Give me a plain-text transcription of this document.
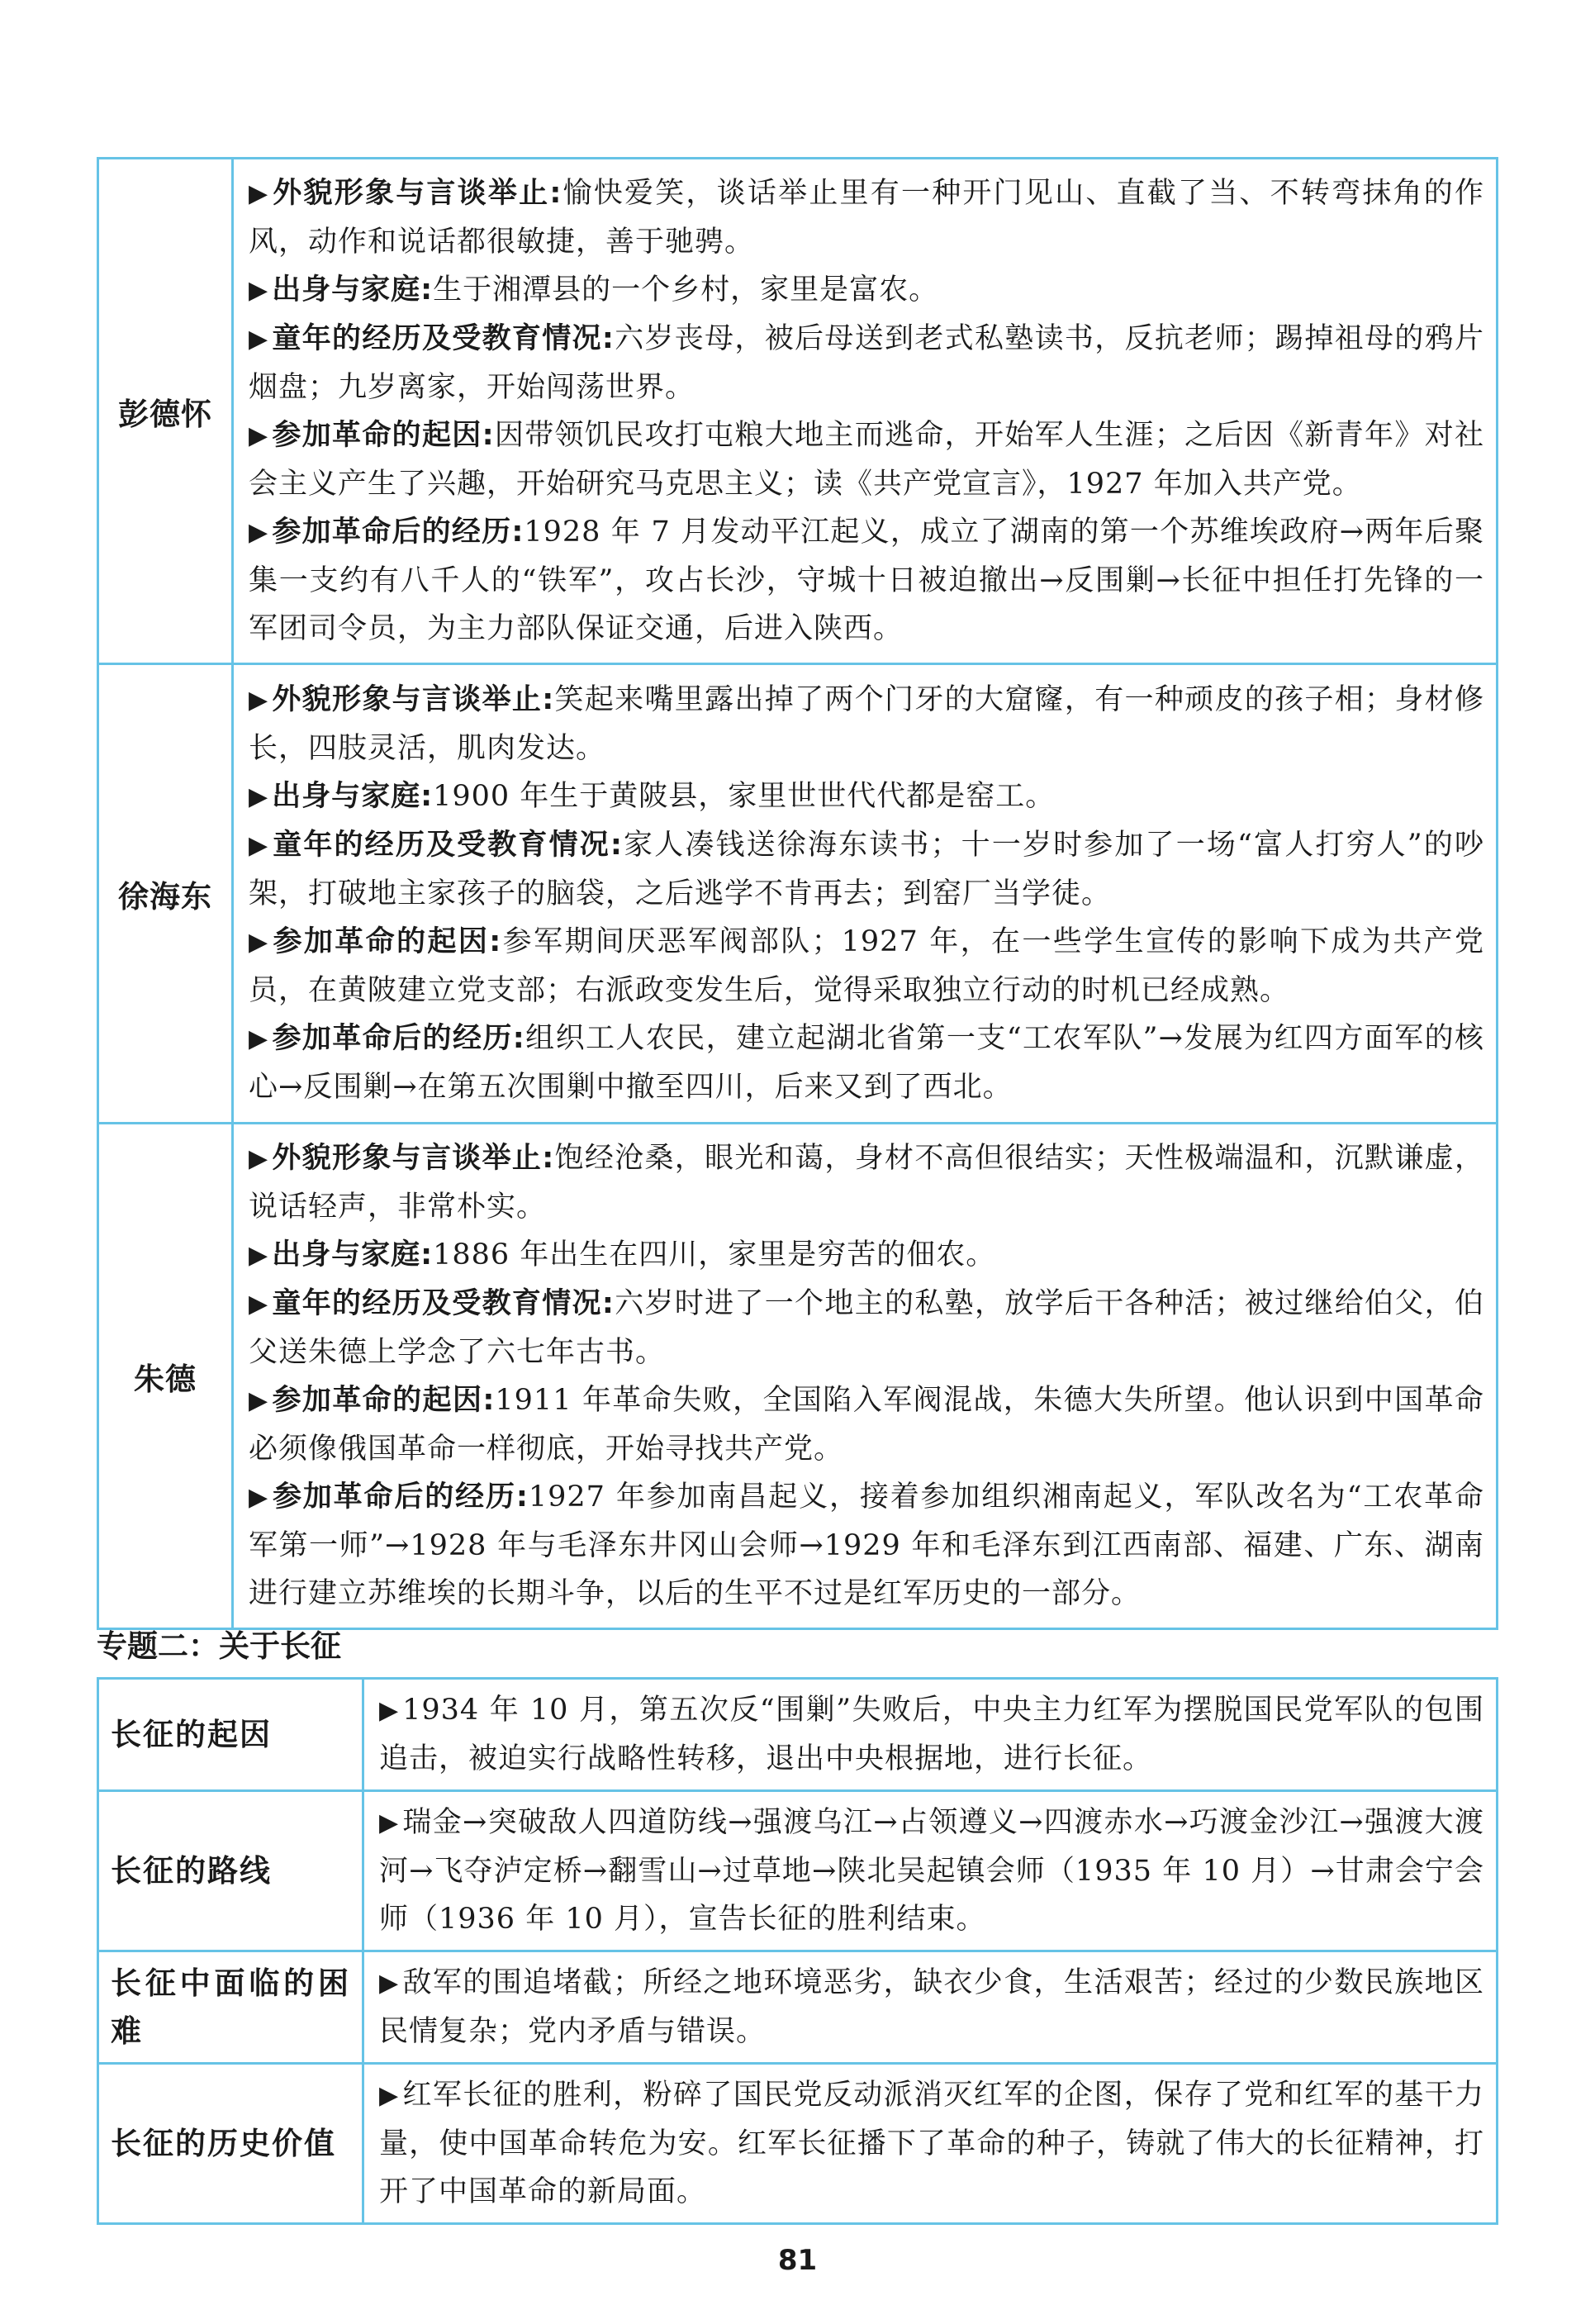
彭德怀	▶ 外貌形象与言谈举止:愉快爱笑，谈话举止里有一种开门见山、直截了当、不转弯抹角的作风，动作和说话都很敏捷，善于驰骋。
▶ 出身与家庭:生于湘潭县的一个乡村，家里是富农。
▶ 童年的经历及受教育情况:六岁丧母，被后母送到老式私塾读书，反抗老师；踢掉祖母的鸦片烟盘；九岁离家，开始闯荡世界。
▶ 参加革命的起因:因带领饥民攻打屯粮大地主而逃命，开始军人生涯；之后因《新青年》对社会主义产生了兴趣，开始研究马克思主义；读《共产党宣言》，1927 年加入共产党。
▶ 参加革命后的经历:1928 年 7 月发动平江起义，成立了湖南的第一个苏维埃政府→两年后聚集一支约有八千人的“铁军”，攻占长沙，守城十日被迫撤出→反围剿→长征中担任打先锋的一军团司令员，为主力部队保证交通，后进入陕西。

徐海东	▶ 外貌形象与言谈举止:笑起来嘴里露出掉了两个门牙的大窟窿，有一种顽皮的孩子相；身材修长，四肢灵活，肌肉发达。
▶ 出身与家庭:1900 年生于黄陂县，家里世世代代都是窑工。
▶ 童年的经历及受教育情况:家人凑钱送徐海东读书；十一岁时参加了一场“富人打穷人”的吵架，打破地主家孩子的脑袋，之后逃学不肯再去；到窑厂当学徒。
▶ 参加革命的起因:参军期间厌恶军阀部队；1927 年，在一些学生宣传的影响下成为共产党员，在黄陂建立党支部；右派政变发生后，觉得采取独立行动的时机已经成熟。
▶ 参加革命后的经历:组织工人农民，建立起湖北省第一支“工农军队”→发展为红四方面军的核心→反围剿→在第五次围剿中撤至四川，后来又到了西北。

朱德	▶ 外貌形象与言谈举止:饱经沧桑，眼光和蔼，身材不高但很结实；天性极端温和，沉默谦虚，说话轻声，非常朴实。
▶ 出身与家庭:1886 年出生在四川，家里是穷苦的佃农。
▶ 童年的经历及受教育情况:六岁时进了一个地主的私塾，放学后干各种活；被过继给伯父，伯父送朱德上学念了六七年古书。
▶ 参加革命的起因:1911 年革命失败，全国陷入军阀混战，朱德大失所望。他认识到中国革命必须像俄国革命一样彻底，开始寻找共产党。
▶ 参加革命后的经历:1927 年参加南昌起义，接着参加组织湘南起义，军队改名为“工农革命军第一师”→1928 年与毛泽东井冈山会师→1929 年和毛泽东到江西南部、福建、广东、湖南进行建立苏维埃的长期斗争，以后的生平不过是红军历史的一部分。
专题二：关于长征
长征的起因	▶ 1934 年 10 月，第五次反“围剿”失败后，中央主力红军为摆脱国民党军队的包围追击，被迫实行战略性转移，退出中央根据地，进行长征。
长征的路线	▶ 瑞金→突破敌人四道防线→强渡乌江→占领遵义→四渡赤水→巧渡金沙江→强渡大渡河→飞夺泸定桥→翻雪山→过草地→陕北吴起镇会师（1935 年 10 月）→甘肃会宁会师（1936 年 10 月），宣告长征的胜利结束。
长征中面临的困难	▶ 敌军的围追堵截；所经之地环境恶劣，缺衣少食，生活艰苦；经过的少数民族地区民情复杂；党内矛盾与错误。
长征的历史价值	▶ 红军长征的胜利，粉碎了国民党反动派消灭红军的企图，保存了党和红军的基干力量，使中国革命转危为安。红军长征播下了革命的种子，铸就了伟大的长征精神，打开了中国革命的新局面。
81
